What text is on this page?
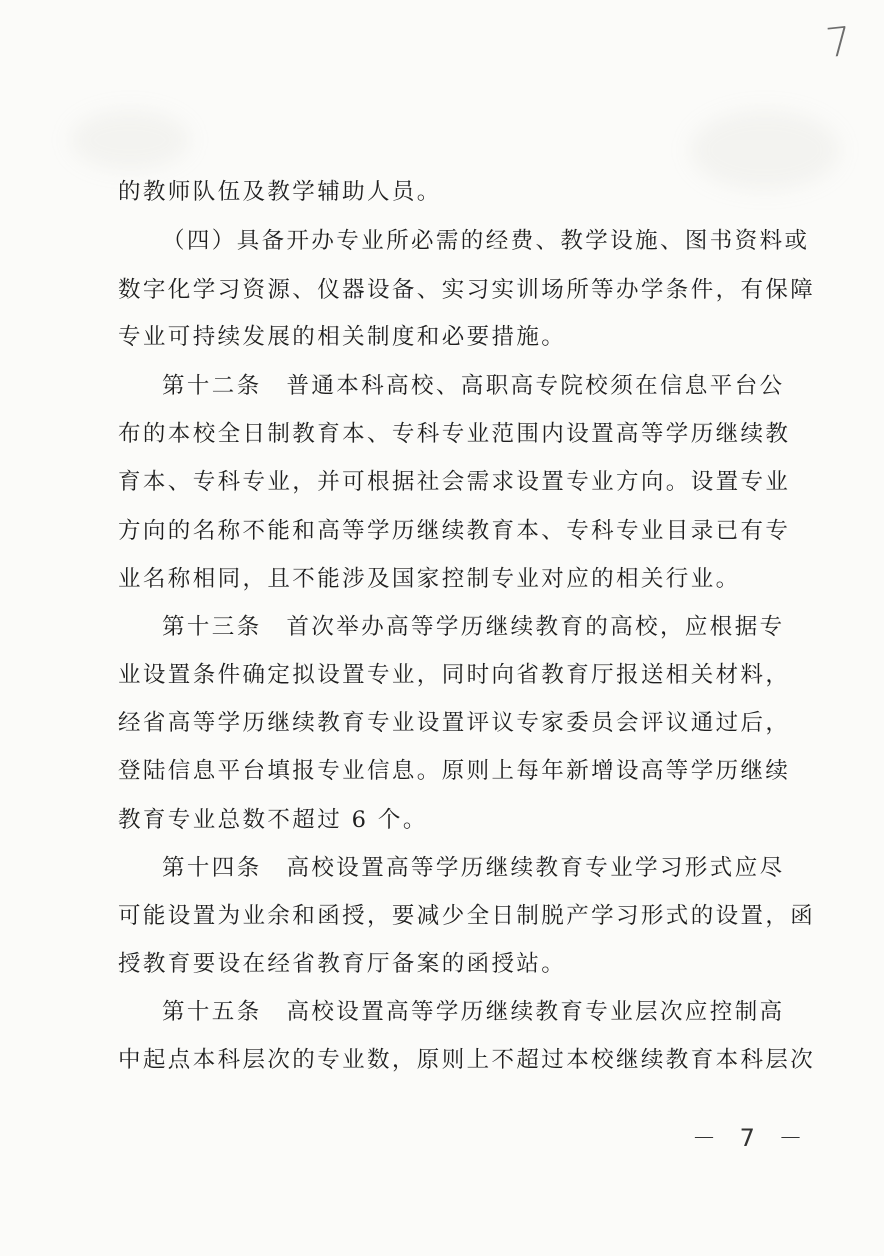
7
的教师队伍及教学辅助人员。
（四）具备开办专业所必需的经费、教学设施、图书资料或
数字化学习资源、仪器设备、实习实训场所等办学条件，有保障
专业可持续发展的相关制度和必要措施。
第十二条　普通本科高校、高职高专院校须在信息平台公
布的本校全日制教育本、专科专业范围内设置高等学历继续教
育本、专科专业，并可根据社会需求设置专业方向。设置专业
方向的名称不能和高等学历继续教育本、专科专业目录已有专
业名称相同，且不能涉及国家控制专业对应的相关行业。
第十三条　首次举办高等学历继续教育的高校，应根据专
业设置条件确定拟设置专业，同时向省教育厅报送相关材料，
经省高等学历继续教育专业设置评议专家委员会评议通过后，
登陆信息平台填报专业信息。原则上每年新增设高等学历继续
教育专业总数不超过 6 个。
第十四条　高校设置高等学历继续教育专业学习形式应尽
可能设置为业余和函授，要减少全日制脱产学习形式的设置，函
授教育要设在经省教育厅备案的函授站。
第十五条　高校设置高等学历继续教育专业层次应控制高
中起点本科层次的专业数，原则上不超过本校继续教育本科层次
－ 7 －
